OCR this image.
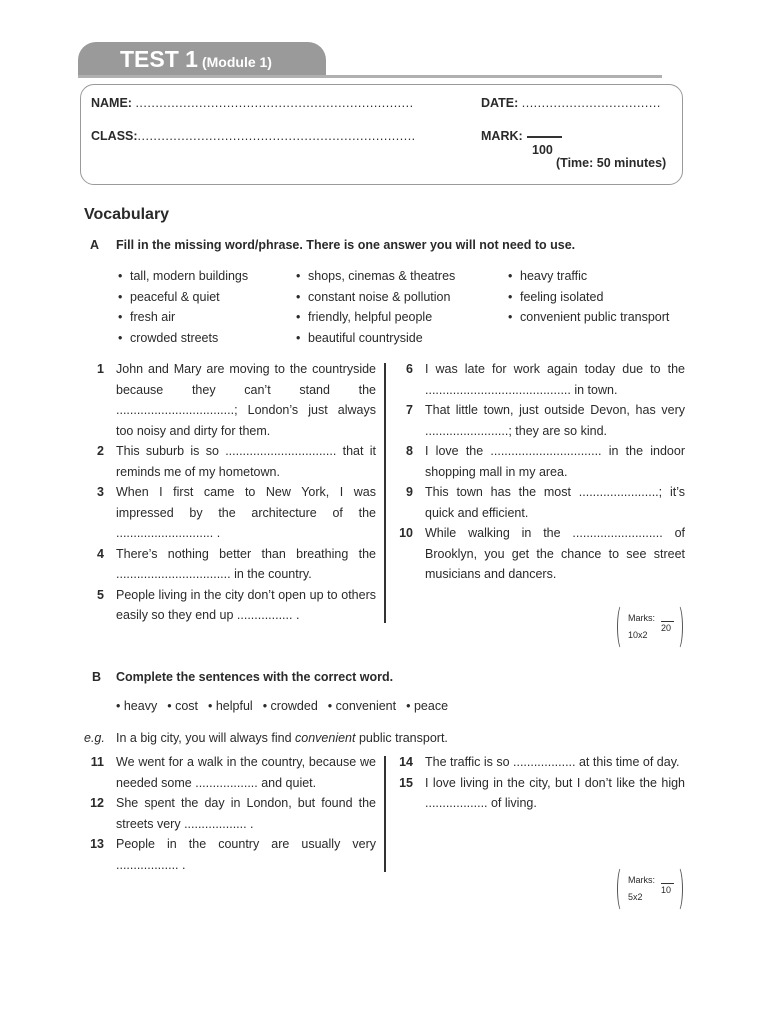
TEST 1 (Module 1)
NAME: ......................................................................	DATE: ...................................
CLASS:......................................................................	MARK:
100
(Time: 50 minutes)
Vocabulary
A Fill in the missing word/phrase. There is one answer you will not need to use.
• tall, modern buildings
• peaceful & quiet
• fresh air
• crowded streets
• shops, cinemas & theatres
• constant noise & pollution
• friendly, helpful people
• beautiful countryside
• heavy traffic
• feeling isolated
• convenient public transport
1 John and Mary are moving to the countryside because they can’t stand the ..................................; London’s just always too noisy and dirty for them.
2 This suburb is so ................................ that it reminds me of my hometown.
3 When I first came to New York, I was impressed by the architecture of the ............................ .
4 There’s nothing better than breathing the ................................. in the country.
5 People living in the city don’t open up to others easily so they end up ................ .
6 I was late for work again today due to the .......................................... in town.
7 That little town, just outside Devon, has very ........................; they are so kind.
8 I love the ................................ in the indoor shopping mall in my area.
9 This town has the most .......................; it’s quick and efficient.
10 While walking in the .......................... of Brooklyn, you get the chance to see street musicians and dancers.
Marks:
20
10x2
B Complete the sentences with the correct word.
• heavy • cost • helpful • crowded • convenient • peace
e.g. In a big city, you will always find convenient public transport.
11 We went for a walk in the country, because we needed some .................. and quiet.
12 She spent the day in London, but found the streets very .................. .
13 People in the country are usually very .................. .
14 The traffic is so .................. at this time of day.
15 I love living in the city, but I don’t like the high .................. of living.
Marks:
10
5x2
